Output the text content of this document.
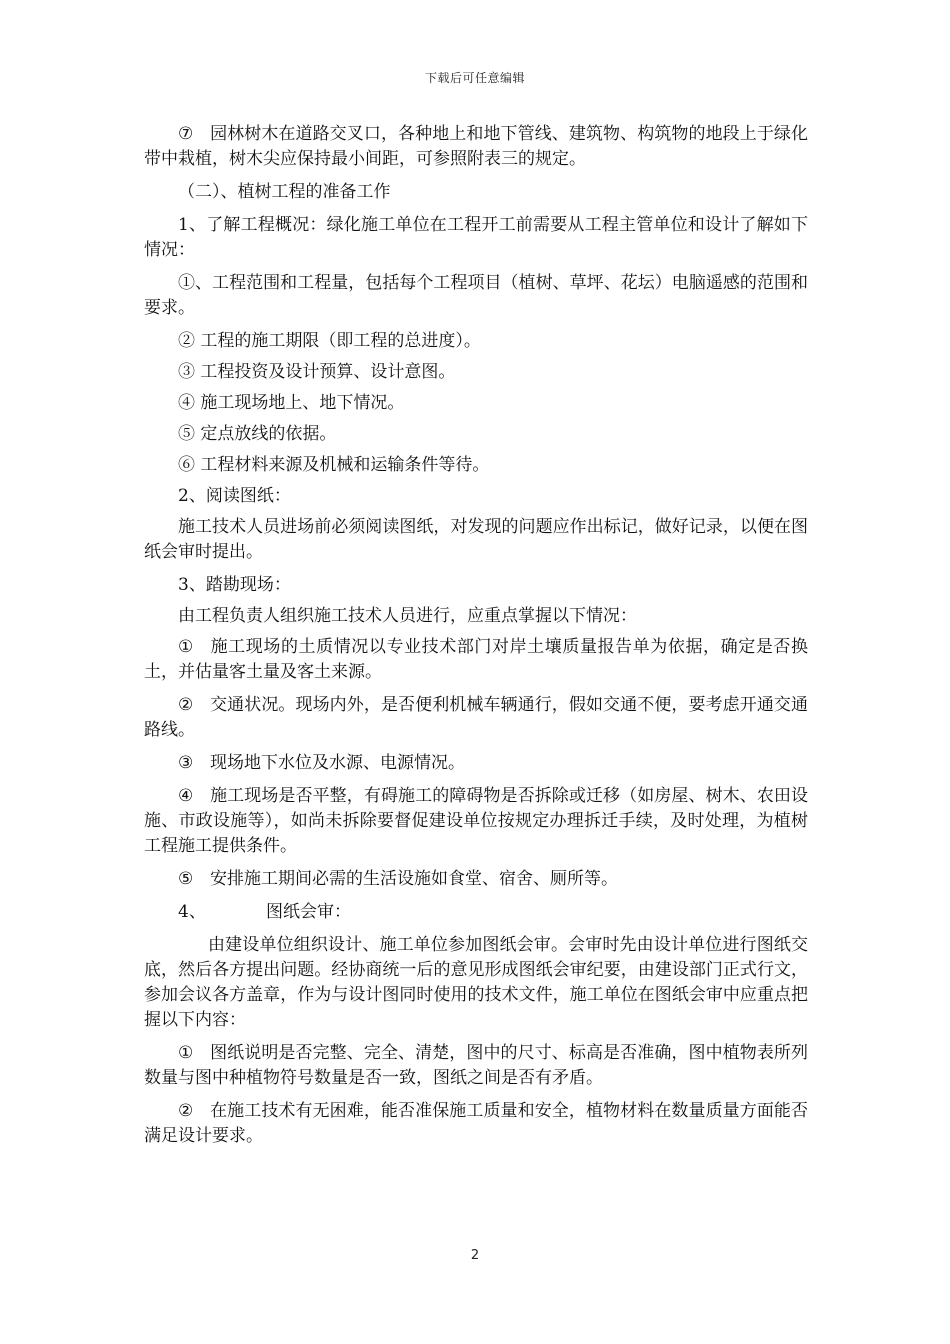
下载后可任意编辑

⑦ 园林树木在道路交叉口，各种地上和地下管线、建筑物、构筑物的地段上于绿化带中栽植，树木尖应保持最小间距，可参照附表三的规定。

（二）、植树工程的准备工作

1、了解工程概况：绿化施工单位在工程开工前需要从工程主管单位和设计了解如下情况：

①、工程范围和工程量，包括每个工程项目（植树、草坪、花坛）电脑遥感的范围和要求。

② 工程的施工期限（即工程的总进度）。

③ 工程投资及设计预算、设计意图。

④ 施工现场地上、地下情况。

⑤ 定点放线的依据。

⑥ 工程材料来源及机械和运输条件等待。

2、阅读图纸：

施工技术人员进场前必须阅读图纸，对发现的问题应作出标记，做好记录，以便在图纸会审时提出。

3、踏勘现场：

由工程负责人组织施工技术人员进行，应重点掌握以下情况：

① 施工现场的土质情况以专业技术部门对岸土壤质量报告单为依据，确定是否换土，并估量客土量及客土来源。

② 交通状况。现场内外，是否便利机械车辆通行，假如交通不便，要考虑开通交通路线。

③ 现场地下水位及水源、电源情况。

④ 施工现场是否平整，有碍施工的障碍物是否拆除或迁移（如房屋、树木、农田设施、市政设施等），如尚未拆除要督促建设单位按规定办理拆迁手续，及时处理，为植树工程施工提供条件。

⑤ 安排施工期间必需的生活设施如食堂、宿舍、厕所等。

4、	图纸会审：

由建设单位组织设计、施工单位参加图纸会审。会审时先由设计单位进行图纸交底，然后各方提出问题。经协商统一后的意见形成图纸会审纪要，由建设部门正式行文，参加会议各方盖章，作为与设计图同时使用的技术文件，施工单位在图纸会审中应重点把握以下内容：

① 图纸说明是否完整、完全、清楚，图中的尺寸、标高是否准确，图中植物表所列数量与图中种植物符号数量是否一致，图纸之间是否有矛盾。

② 在施工技术有无困难，能否准保施工质量和安全，植物材料在数量质量方面能否满足设计要求。

2
